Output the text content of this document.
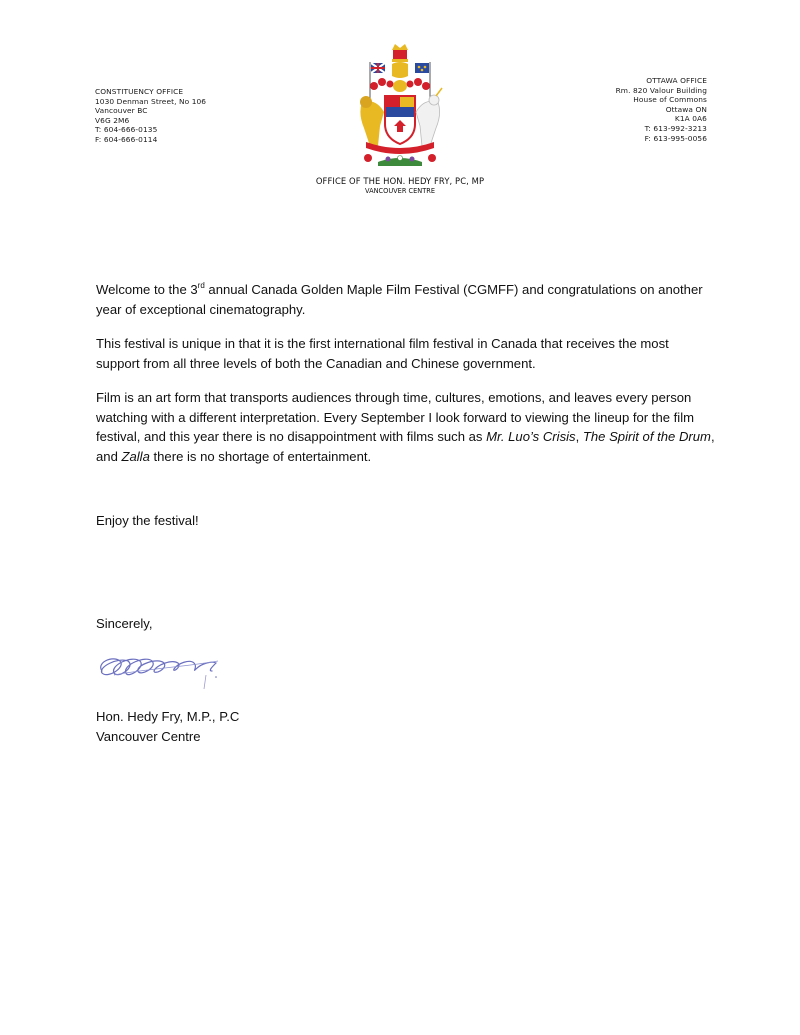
CONSTITUENCY OFFICE
1030 Denman Street, No 106
Vancouver BC
V6G 2M6
T: 604-666-0135
F: 604-666-0114
OTTAWA OFFICE
Rm. 820 Valour Building
House of Commons
Ottawa ON
K1A 0A6
T: 613-992-3213
F: 613-995-0056
OFFICE OF THE HON. HEDY FRY, PC, MP
VANCOUVER CENTRE

Welcome to the 3rd annual Canada Golden Maple Film Festival (CGMFF) and congratulations on another year of exceptional cinematography.

This festival is unique in that it is the first international film festival in Canada that receives the most support from all three levels of both the Canadian and Chinese government.

Film is an art form that transports audiences through time, cultures, emotions, and leaves every person watching with a different interpretation. Every September I look forward to viewing the lineup for the film festival, and this year there is no disappointment with films such as Mr. Luo’s Crisis, The Spirit of the Drum, and Zalla there is no shortage of entertainment.

Enjoy the festival!

Sincerely,

Hon. Hedy Fry, M.P., P.C

Vancouver Centre
